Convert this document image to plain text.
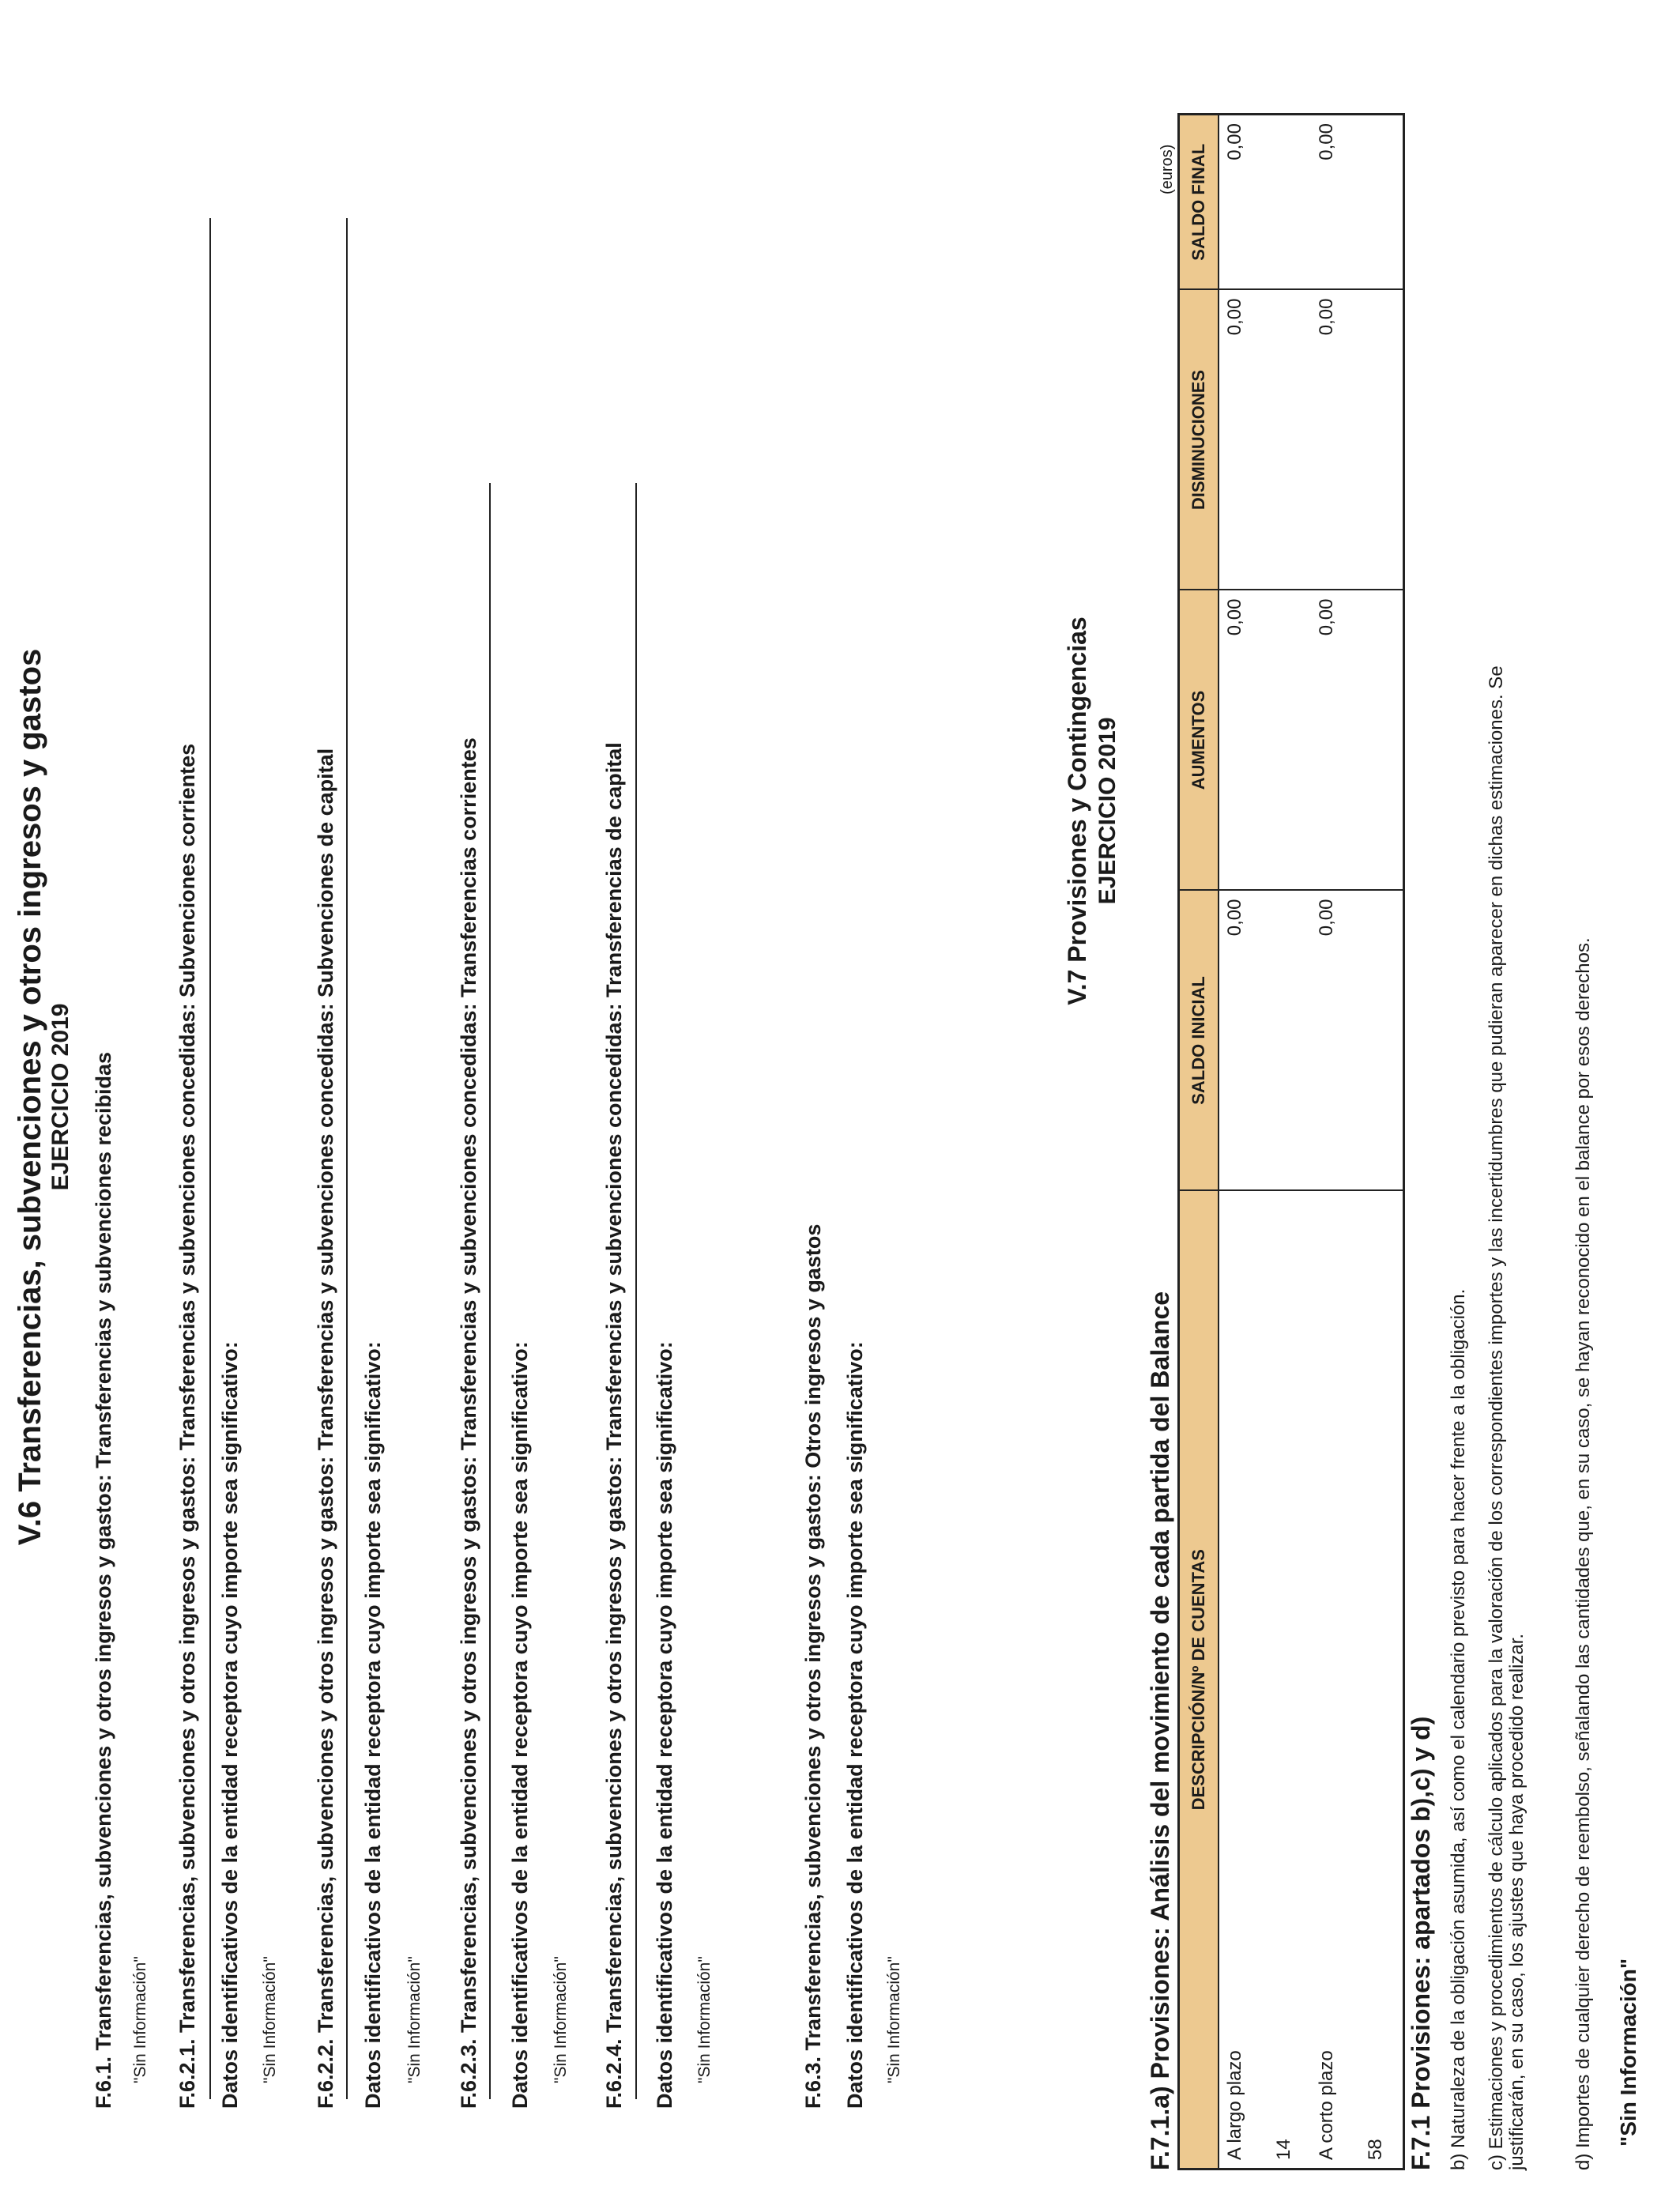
V.6 Transferencias, subvenciones y otros ingresos y gastos EJERCICIO 2019 F.6.1. Transferencias, subvenciones y otros ingresos y gastos: Transferencias y subvenciones recibidas "Sin Información" F.6.2.1. Transferencias, subvenciones y otros ingresos y gastos: Transferencias y subvenciones concedidas: Subvenciones corrientes Datos identificativos de la entidad receptora cuyo importe sea significativo: "Sin Información" F.6.2.2. Transferencias, subvenciones y otros ingresos y gastos: Transferencias y subvenciones concedidas: Subvenciones de capital Datos identificativos de la entidad receptora cuyo importe sea significativo: "Sin Información" F.6.2.3. Transferencias, subvenciones y otros ingresos y gastos: Transferencias y subvenciones concedidas: Transferencias corrientes Datos identificativos de la entidad receptora cuyo importe sea significativo: "Sin Información" F.6.2.4. Transferencias, subvenciones y otros ingresos y gastos: Transferencias y subvenciones concedidas: Transferencias de capital Datos identificativos de la entidad receptora cuyo importe sea significativo: "Sin Información"	F.6.3. Transferencias, subvenciones y otros ingresos y gastos: Otros ingresos y gastos Datos identificativos de la entidad receptora cuyo importe sea significativo: "Sin Información"
V.7 Provisiones y Contingencias EJERCICIO 2019
F.7.1.a) Provisiones: Análisis del movimiento de cada partida del Balance
(euros)
DESCRIPCIÓN/Nº DE CUENTAS	SALDO INICIAL	AUMENTOS	DISMINUCIONES	SALDO FINAL
A largo plazo 14	0,00	0,00	0,00	0,00
A corto plazo 58	0,00	0,00	0,00	0,00
F.7.1 Provisiones: apartados b),c) y d) b) Naturaleza de la obligación asumida, así como el calendario previsto para hacer frente a la obligación. c) Estimaciones y procedimientos de cálculo aplicados para la valoración de los correspondientes importes y las incertidumbres que pudieran aparecer en dichas estimaciones. Se justificarán, en su caso, los ajustes que haya procedido realizar. d) Importes de cualquier derecho de reembolso, señalando las cantidades que, en su caso, se hayan reconocido en el balance por esos derechos. "Sin Información"
